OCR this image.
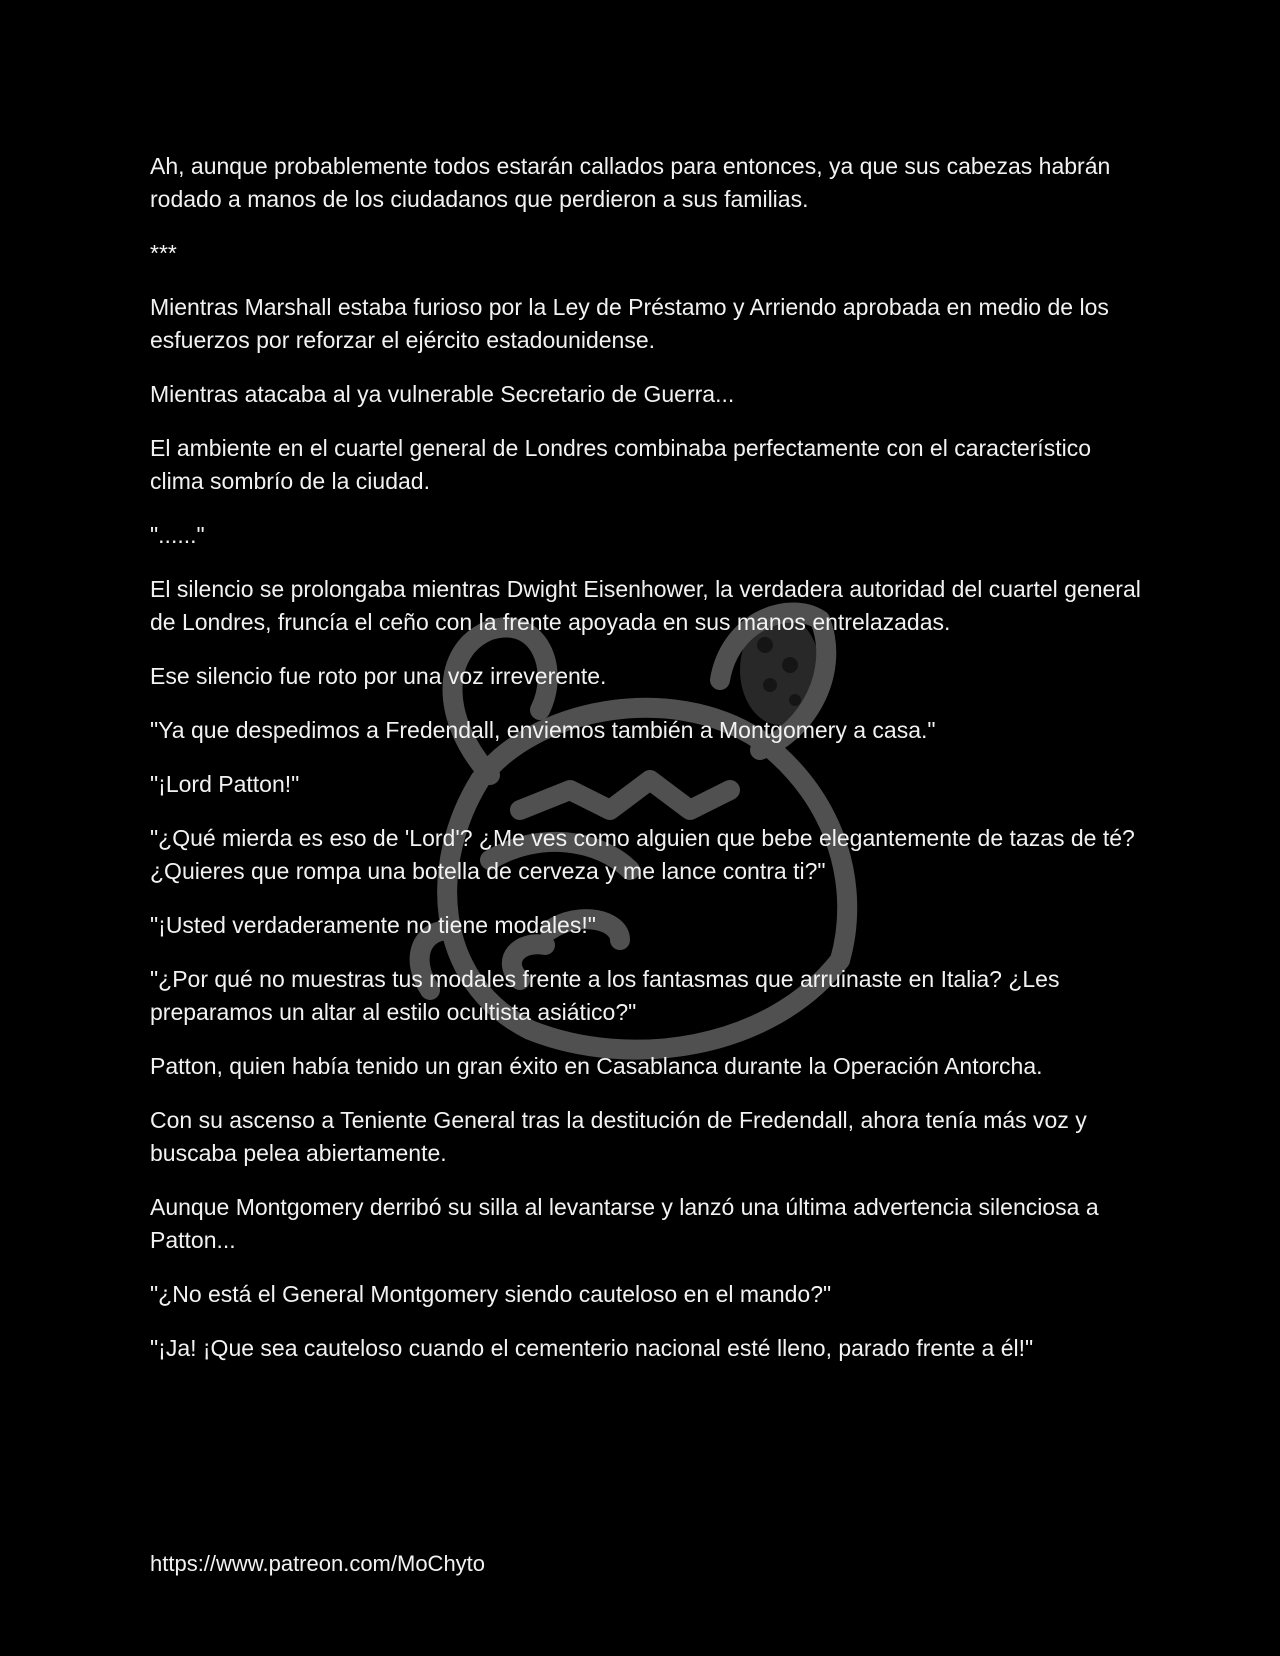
Ah, aunque probablemente todos estarán callados para entonces, ya que sus cabezas habrán rodado a manos de los ciudadanos que perdieron a sus familias.

***

Mientras Marshall estaba furioso por la Ley de Préstamo y Arriendo aprobada en medio de los esfuerzos por reforzar el ejército estadounidense.

Mientras atacaba al ya vulnerable Secretario de Guerra...

El ambiente en el cuartel general de Londres combinaba perfectamente con el característico clima sombrío de la ciudad.

"......"

El silencio se prolongaba mientras Dwight Eisenhower, la verdadera autoridad del cuartel general de Londres, fruncía el ceño con la frente apoyada en sus manos entrelazadas.

Ese silencio fue roto por una voz irreverente.

"Ya que despedimos a Fredendall, enviemos también a Montgomery a casa."

"¡Lord Patton!"

"¿Qué mierda es eso de 'Lord'? ¿Me ves como alguien que bebe elegantemente de tazas de té? ¿Quieres que rompa una botella de cerveza y me lance contra ti?"

"¡Usted verdaderamente no tiene modales!"

"¿Por qué no muestras tus modales frente a los fantasmas que arruinaste en Italia? ¿Les preparamos un altar al estilo ocultista asiático?"

Patton, quien había tenido un gran éxito en Casablanca durante la Operación Antorcha.

Con su ascenso a Teniente General tras la destitución de Fredendall, ahora tenía más voz y buscaba pelea abiertamente.

Aunque Montgomery derribó su silla al levantarse y lanzó una última advertencia silenciosa a Patton...

"¿No está el General Montgomery siendo cauteloso en el mando?"

"¡Ja! ¡Que sea cauteloso cuando el cementerio nacional esté lleno, parado frente a él!"

https://www.patreon.com/MoChyto
